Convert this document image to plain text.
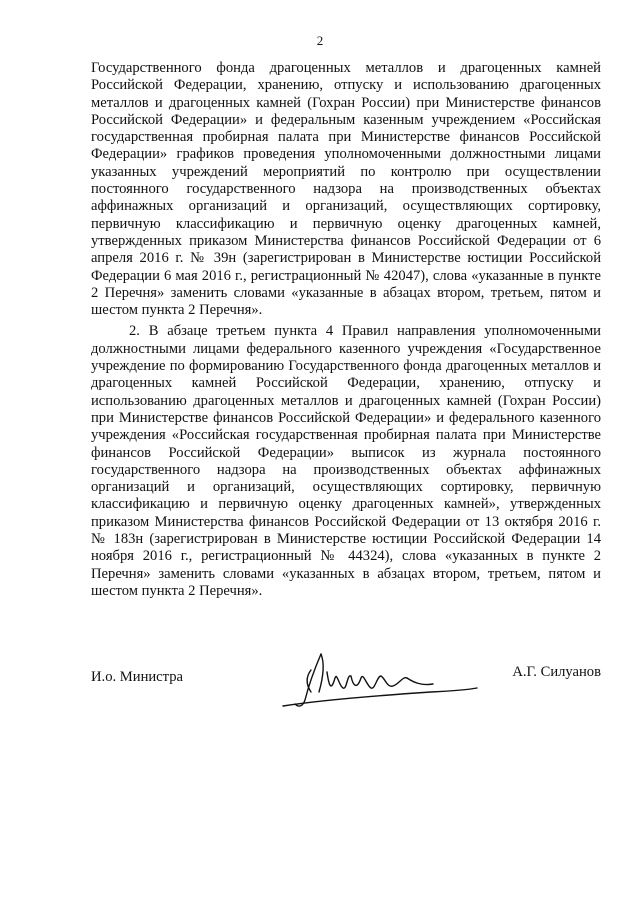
2

Государственного фонда драгоценных металлов и драгоценных камней Российской Федерации, хранению, отпуску и использованию драгоценных металлов и драгоценных камней (Гохран России) при Министерстве финансов Российской Федерации» и федеральным казенным учреждением «Российская государственная пробирная палата при Министерстве финансов Российской Федерации» графиков проведения уполномоченными должностными лицами указанных учреждений мероприятий по контролю при осуществлении постоянного государственного надзора на производственных объектах аффинажных организаций и организаций, осуществляющих сортировку, первичную классификацию и первичную оценку драгоценных камней, утвержденных приказом Министерства финансов Российской Федерации от 6 апреля 2016 г. № 39н (зарегистрирован в Министерстве юстиции Российской Федерации 6 мая 2016 г., регистрационный № 42047), слова «указанные в пункте 2 Перечня» заменить словами «указанные в абзацах втором, третьем, пятом и шестом пункта 2 Перечня».

2. В абзаце третьем пункта 4 Правил направления уполномоченными должностными лицами федерального казенного учреждения «Государственное учреждение по формированию Государственного фонда драгоценных металлов и драгоценных камней Российской Федерации, хранению, отпуску и использованию драгоценных металлов и драгоценных камней (Гохран России) при Министерстве финансов Российской Федерации» и федерального казенного учреждения «Российская государственная пробирная палата при Министерстве финансов Российской Федерации» выписок из журнала постоянного государственного надзора на производственных объектах аффинажных организаций и организаций, осуществляющих сортировку, первичную классификацию и первичную оценку драгоценных камней», утвержденных приказом Министерства финансов Российской Федерации от 13 октября 2016 г. № 183н (зарегистрирован в Министерстве юстиции Российской Федерации 14 ноября 2016 г., регистрационный № 44324), слова «указанных в пункте 2 Перечня» заменить словами «указанных в абзацах втором, третьем, пятом и шестом пункта 2 Перечня».

И.о. Министра	А.Г. Силуанов
